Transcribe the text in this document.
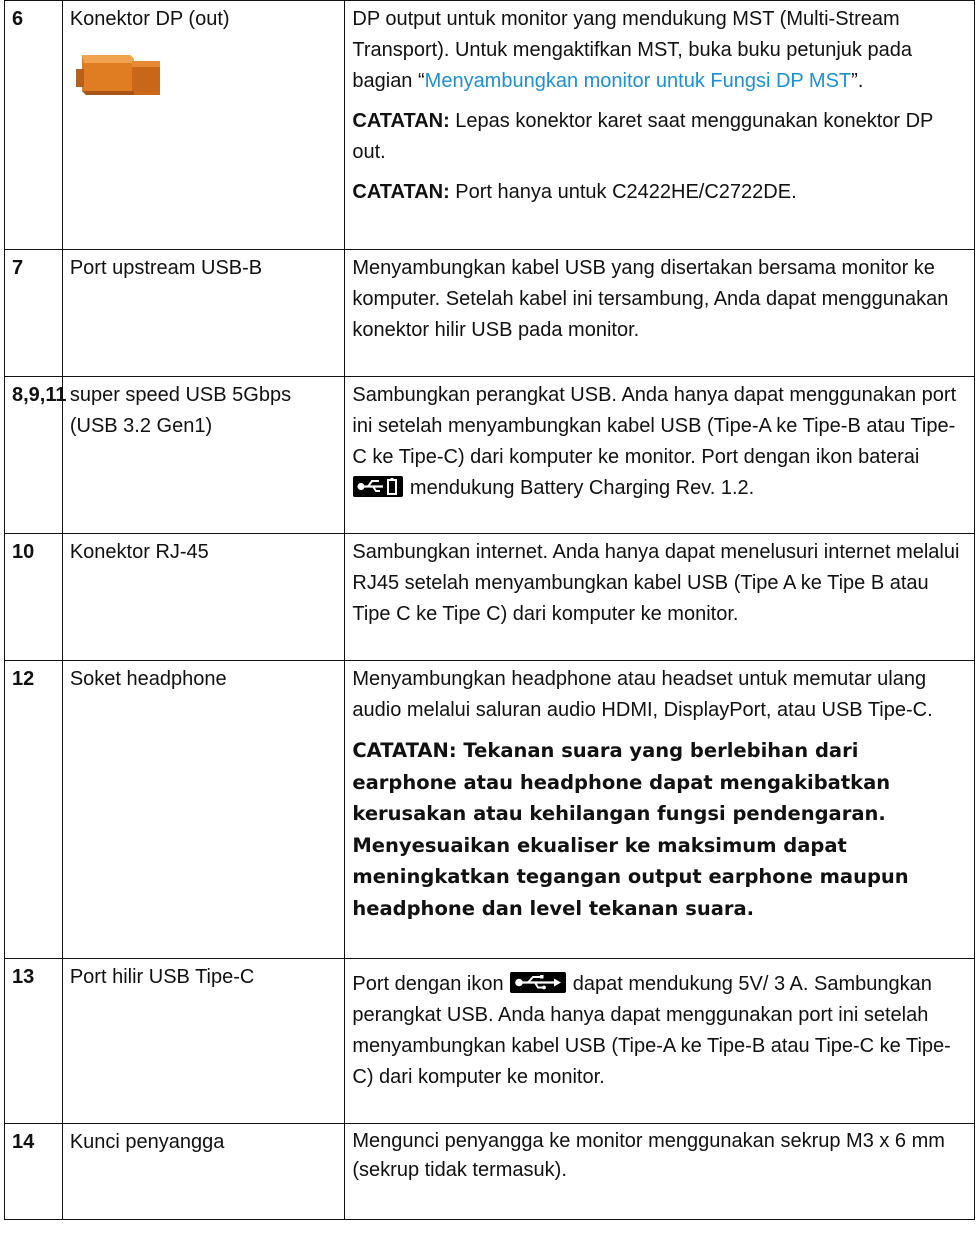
6	Konektor DP (out)	DP output untuk monitor yang mendukung MST (Multi-Stream Transport). Untuk mengaktifkan MST, buka buku petunjuk pada bagian “Menyambungkan monitor untuk Fungsi DP MST”.

CATATAN: Lepas konektor karet saat menggunakan konektor DP out.

CATATAN: Port hanya untuk C2422HE/C2722DE.

7	Port upstream USB-B	Menyambungkan kabel USB yang disertakan bersama monitor ke komputer. Setelah kabel ini tersambung, Anda dapat menggunakan konektor hilir USB pada monitor.
8,9,11	super speed USB 5Gbps (USB 3.2 Gen1)	Sambungkan perangkat USB. Anda hanya dapat menggunakan port ini setelah menyambungkan kabel USB (Tipe-A ke Tipe-B atau Tipe-C ke Tipe-C) dari komputer ke monitor. Port dengan ikon baterai  mendukung Battery Charging Rev. 1.2.
10	Konektor RJ-45	Sambungkan internet. Anda hanya dapat menelusuri internet melalui RJ45 setelah menyambungkan kabel USB (Tipe A ke Tipe B atau Tipe C ke Tipe C) dari komputer ke monitor.
12	Soket headphone	Menyambungkan headphone atau headset untuk memutar ulang audio melalui saluran audio HDMI, DisplayPort, atau USB Tipe-C.

CATATAN: Tekanan suara yang berlebihan dari earphone atau headphone dapat mengakibatkan kerusakan atau kehilangan fungsi pendengaran. Menyesuaikan ekualiser ke maksimum dapat meningkatkan tegangan output earphone maupun headphone dan level tekanan suara.

13	Port hilir USB Tipe-C	Port dengan ikon dapat mendukung 5V/ 3 A. Sambungkan perangkat USB. Anda hanya dapat menggunakan port ini setelah menyambungkan kabel USB (Tipe-A ke Tipe-B atau Tipe-C ke Tipe-C) dari komputer ke monitor.
14	Kunci penyangga	Mengunci penyangga ke monitor menggunakan sekrup M3 x 6 mm (sekrup tidak termasuk).
